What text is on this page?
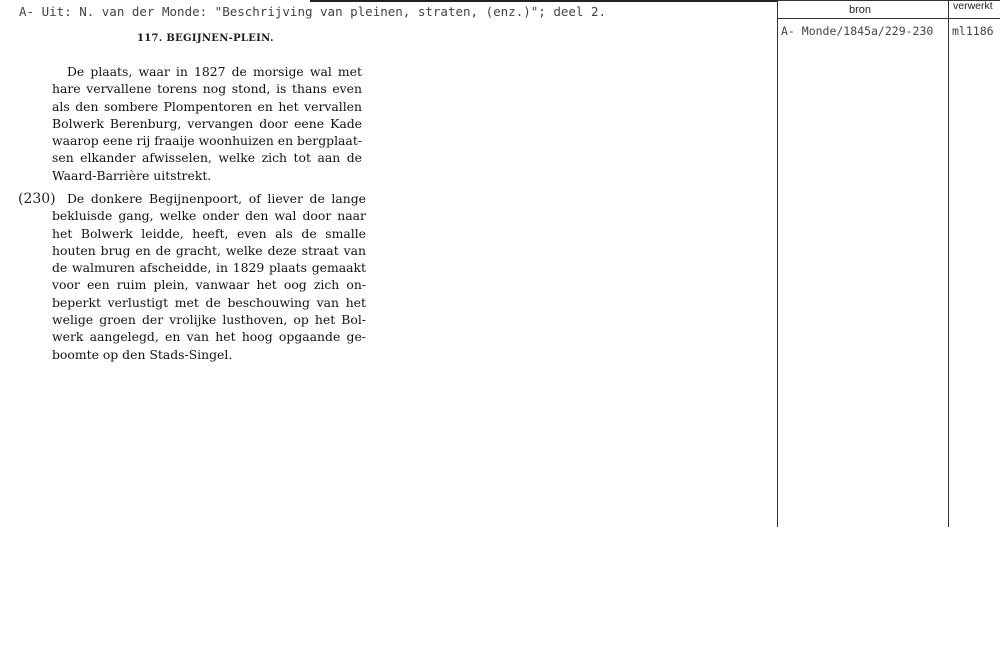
A- Uit: N. van der Monde: "Beschrijving van pleinen, straten, (enz.)"; deel 2.
117. BEGIJNEN-PLEIN.
(230)
De plaats, waar in 1827 de morsige wal met
hare vervallene torens nog stond, is thans even
als den sombere Plompentoren en het vervallen
Bolwerk Berenburg, vervangen door eene Kade
waarop eene rij fraaije woonhuizen en bergplaat-
sen elkander afwisselen, welke zich tot aan de
Waard-Barrière uitstrekt.
De donkere Begijnenpoort, of liever de lange
bekluisde gang, welke onder den wal door naar
het Bolwerk leidde, heeft, even als de smalle
houten brug en de gracht, welke deze straat van
de walmuren afscheidde, in 1829 plaats gemaakt
voor een ruim plein, vanwaar het oog zich on-
beperkt verlustigt met de beschouwing van het
welige groen der vrolijke lusthoven, op het Bol-
werk aangelegd, en van het hoog opgaande ge-
boomte op den Stads-Singel.
bron	verwerkt
A- Monde/1845a/229-230 ml1186
